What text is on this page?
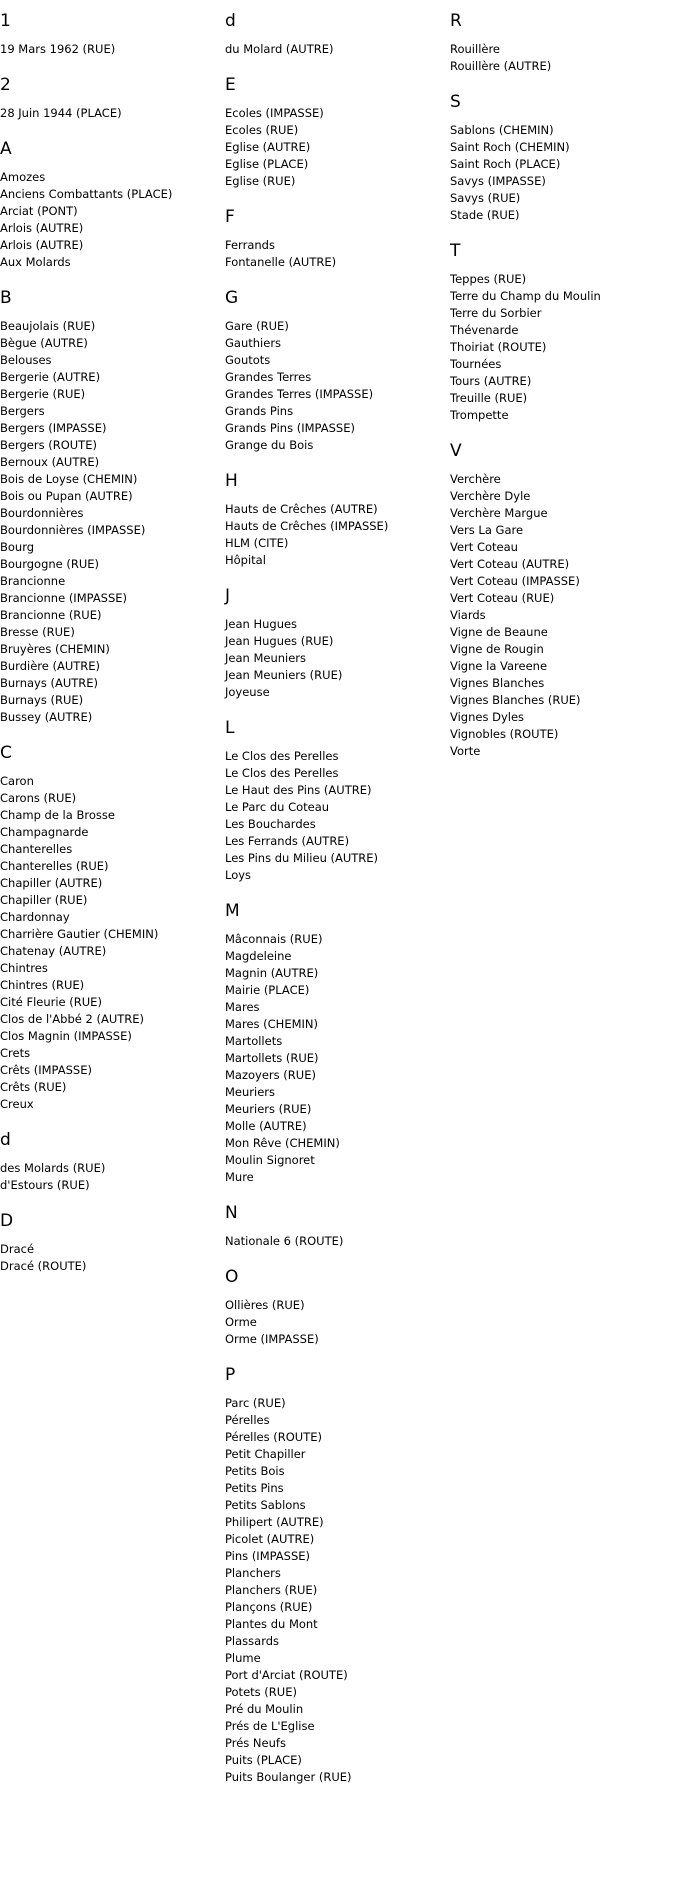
1
19 Mars 1962 (RUE)
2
28 Juin 1944 (PLACE)
A
Amozes
Anciens Combattants (PLACE)
Arciat (PONT)
Arlois (AUTRE)
Arlois (AUTRE)
Aux Molards
B
Beaujolais (RUE)
Bègue (AUTRE)
Belouses
Bergerie (AUTRE)
Bergerie (RUE)
Bergers
Bergers (IMPASSE)
Bergers (ROUTE)
Bernoux (AUTRE)
Bois de Loyse (CHEMIN)
Bois ou Pupan (AUTRE)
Bourdonnières
Bourdonnières (IMPASSE)
Bourg
Bourgogne (RUE)
Brancionne
Brancionne (IMPASSE)
Brancionne (RUE)
Bresse (RUE)
Bruyères (CHEMIN)
Burdière (AUTRE)
Burnays (AUTRE)
Burnays (RUE)
Bussey (AUTRE)
C
Caron
Carons (RUE)
Champ de la Brosse
Champagnarde
Chanterelles
Chanterelles (RUE)
Chapiller (AUTRE)
Chapiller (RUE)
Chardonnay
Charrière Gautier (CHEMIN)
Chatenay (AUTRE)
Chintres
Chintres (RUE)
Cité Fleurie (RUE)
Clos de l'Abbé 2 (AUTRE)
Clos Magnin (IMPASSE)
Crets
Crêts (IMPASSE)
Crêts (RUE)
Creux
d
des Molards (RUE)
d'Estours (RUE)
D
Dracé
Dracé (ROUTE)
d
du Molard (AUTRE)
E
Ecoles (IMPASSE)
Ecoles (RUE)
Eglise (AUTRE)
Eglise (PLACE)
Eglise (RUE)
F
Ferrands
Fontanelle (AUTRE)
G
Gare (RUE)
Gauthiers
Goutots
Grandes Terres
Grandes Terres (IMPASSE)
Grands Pins
Grands Pins (IMPASSE)
Grange du Bois
H
Hauts de Crêches (AUTRE)
Hauts de Crêches (IMPASSE)
HLM (CITE)
Hôpital
J
Jean Hugues
Jean Hugues (RUE)
Jean Meuniers
Jean Meuniers (RUE)
Joyeuse
L
Le Clos des Perelles
Le Clos des Perelles
Le Haut des Pins (AUTRE)
Le Parc du Coteau
Les Bouchardes
Les Ferrands (AUTRE)
Les Pins du Milieu (AUTRE)
Loys
M
Mâconnais (RUE)
Magdeleine
Magnin (AUTRE)
Mairie (PLACE)
Mares
Mares (CHEMIN)
Martollets
Martollets (RUE)
Mazoyers (RUE)
Meuriers
Meuriers (RUE)
Molle (AUTRE)
Mon Rêve (CHEMIN)
Moulin Signoret
Mure
N
Nationale 6 (ROUTE)
O
Ollières (RUE)
Orme
Orme (IMPASSE)
P
Parc (RUE)
Pérelles
Pérelles (ROUTE)
Petit Chapiller
Petits Bois
Petits Pins
Petits Sablons
Philipert (AUTRE)
Picolet (AUTRE)
Pins (IMPASSE)
Planchers
Planchers (RUE)
Plançons (RUE)
Plantes du Mont
Plassards
Plume
Port d'Arciat (ROUTE)
Potets (RUE)
Pré du Moulin
Prés de L'Eglise
Prés Neufs
Puits (PLACE)
Puits Boulanger (RUE)
R
Rouillère
Rouillère (AUTRE)
S
Sablons (CHEMIN)
Saint Roch (CHEMIN)
Saint Roch (PLACE)
Savys (IMPASSE)
Savys (RUE)
Stade (RUE)
T
Teppes (RUE)
Terre du Champ du Moulin
Terre du Sorbier
Thévenarde
Thoiriat (ROUTE)
Tournées
Tours (AUTRE)
Treuille (RUE)
Trompette
V
Verchère
Verchère Dyle
Verchère Margue
Vers La Gare
Vert Coteau
Vert Coteau (AUTRE)
Vert Coteau (IMPASSE)
Vert Coteau (RUE)
Viards
Vigne de Beaune
Vigne de Rougin
Vigne la Vareene
Vignes Blanches
Vignes Blanches (RUE)
Vignes Dyles
Vignobles (ROUTE)
Vorte
